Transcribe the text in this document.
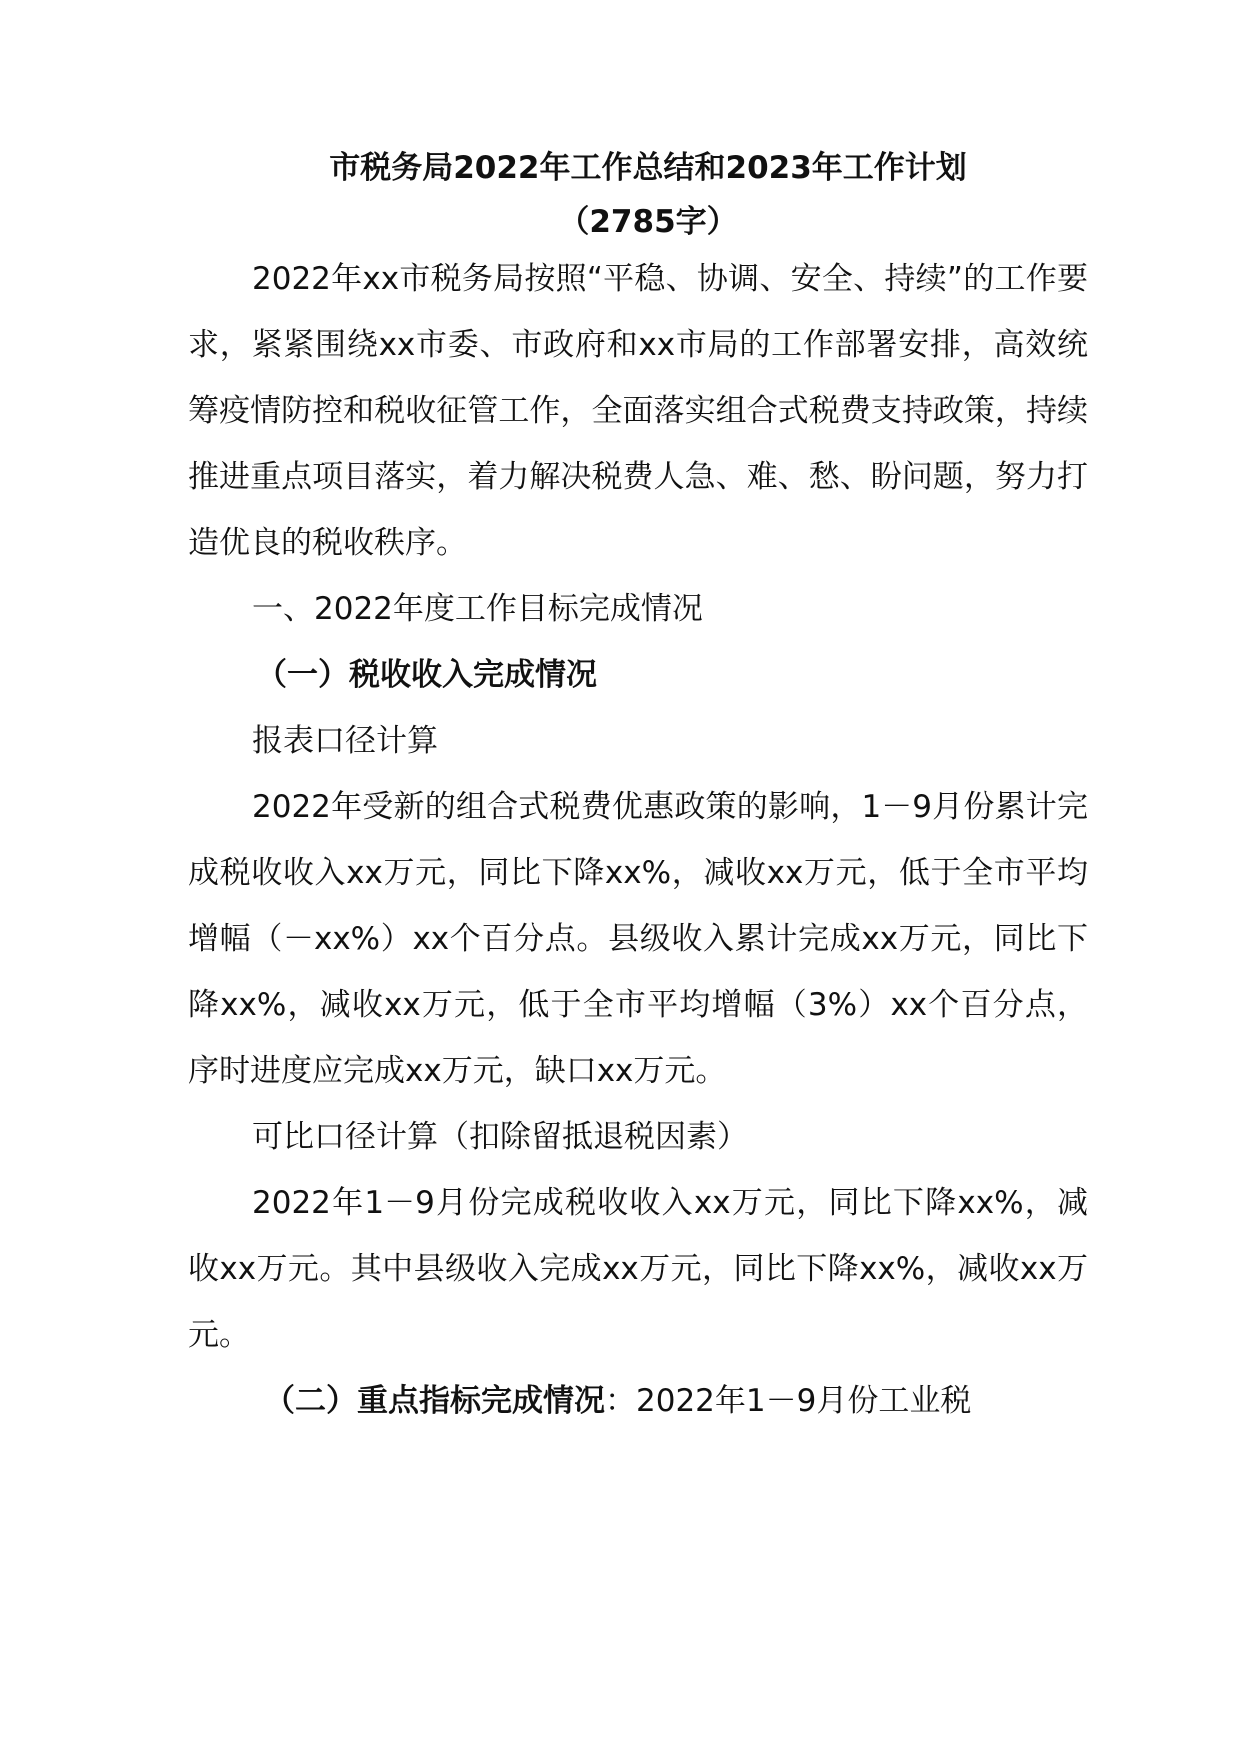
市税务局2022年工作总结和2023年工作计划

（2785字）

2022年xx市税务局按照“平稳、协调、安全、持续”的工作要求，紧紧围绕xx市委、市政府和xx市局的工作部署安排，高效统筹疫情防控和税收征管工作，全面落实组合式税费支持政策，持续推进重点项目落实，着力解决税费人急、难、愁、盼问题，努力打造优良的税收秩序。

一、2022年度工作目标完成情况

（一）税收收入完成情况

报表口径计算

2022年受新的组合式税费优惠政策的影响，1－9月份累计完成税收收入xx万元，同比下降xx%，减收xx万元，低于全市平均增幅（－xx%）xx个百分点。县级收入累计完成xx万元，同比下降xx%，减收xx万元，低于全市平均增幅（3%）xx个百分点，序时进度应完成xx万元，缺口xx万元。

可比口径计算（扣除留抵退税因素）

2022年1－9月份完成税收收入xx万元，同比下降xx%，减收xx万元。其中县级收入完成xx万元，同比下降xx%，减收xx万元。

（二）重点指标完成情况：2022年1－9月份工业税
